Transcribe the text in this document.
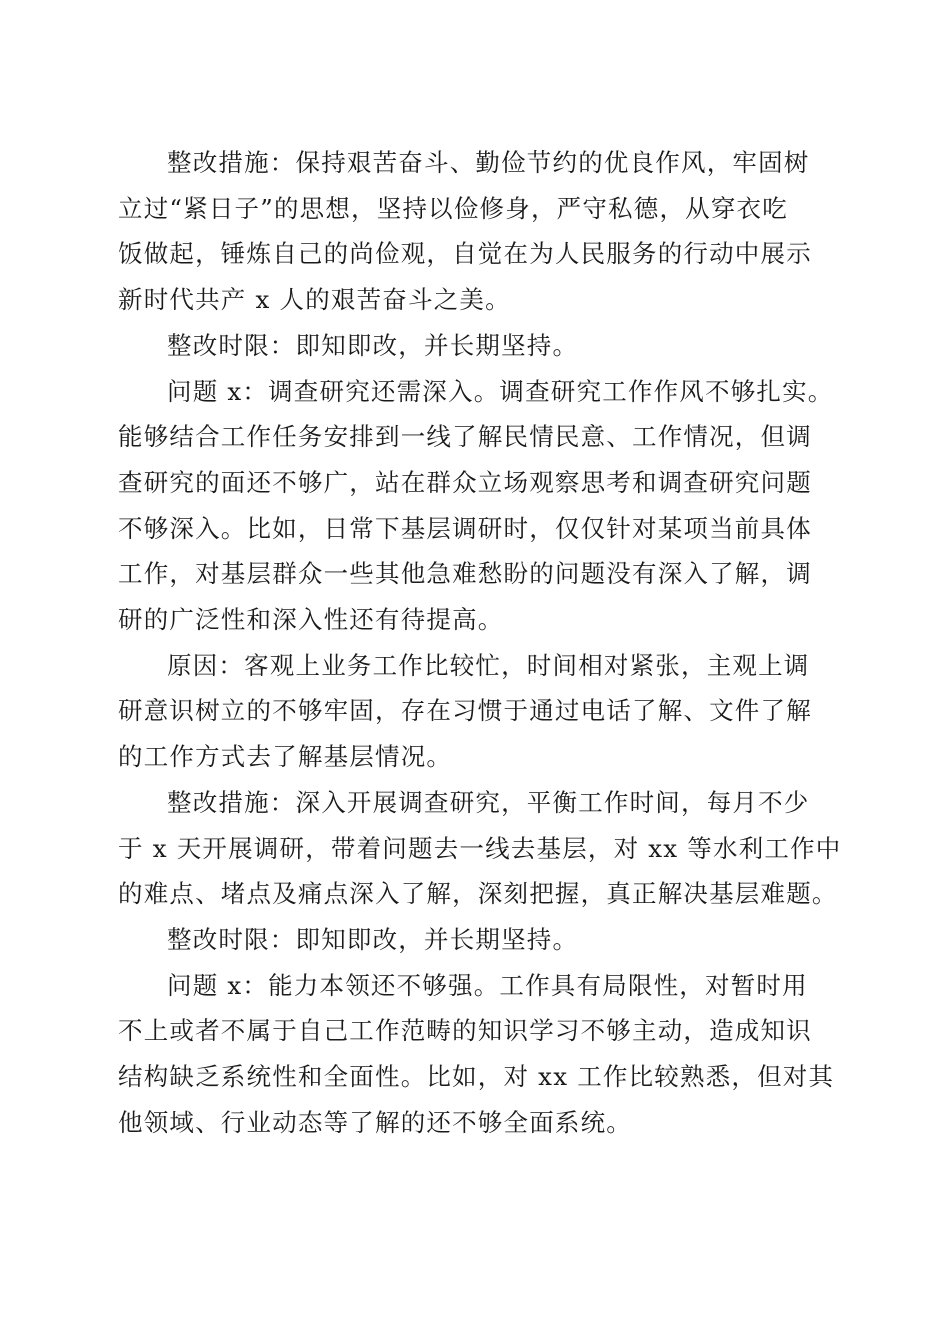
整改措施：保持艰苦奋斗、勤俭节约的优良作风，牢固树
立过“紧日子”的思想，坚持以俭修身，严守私德，从穿衣吃
饭做起，锤炼自己的尚俭观，自觉在为人民服务的行动中展示
新时代共产 x 人的艰苦奋斗之美。

整改时限：即知即改，并长期坚持。

问题 x：调查研究还需深入。调查研究工作作风不够扎实。
能够结合工作任务安排到一线了解民情民意、工作情况，但调
查研究的面还不够广，站在群众立场观察思考和调查研究问题
不够深入。比如，日常下基层调研时，仅仅针对某项当前具体
工作，对基层群众一些其他急难愁盼的问题没有深入了解，调
研的广泛性和深入性还有待提高。

原因：客观上业务工作比较忙，时间相对紧张，主观上调
研意识树立的不够牢固，存在习惯于通过电话了解、文件了解
的工作方式去了解基层情况。

整改措施：深入开展调查研究，平衡工作时间，每月不少
于 x 天开展调研，带着问题去一线去基层，对 xx 等水利工作中
的难点、堵点及痛点深入了解，深刻把握，真正解决基层难题。

整改时限：即知即改，并长期坚持。

问题 x：能力本领还不够强。工作具有局限性，对暂时用
不上或者不属于自己工作范畴的知识学习不够主动，造成知识
结构缺乏系统性和全面性。比如，对 xx 工作比较熟悉，但对其
他领域、行业动态等了解的还不够全面系统。
